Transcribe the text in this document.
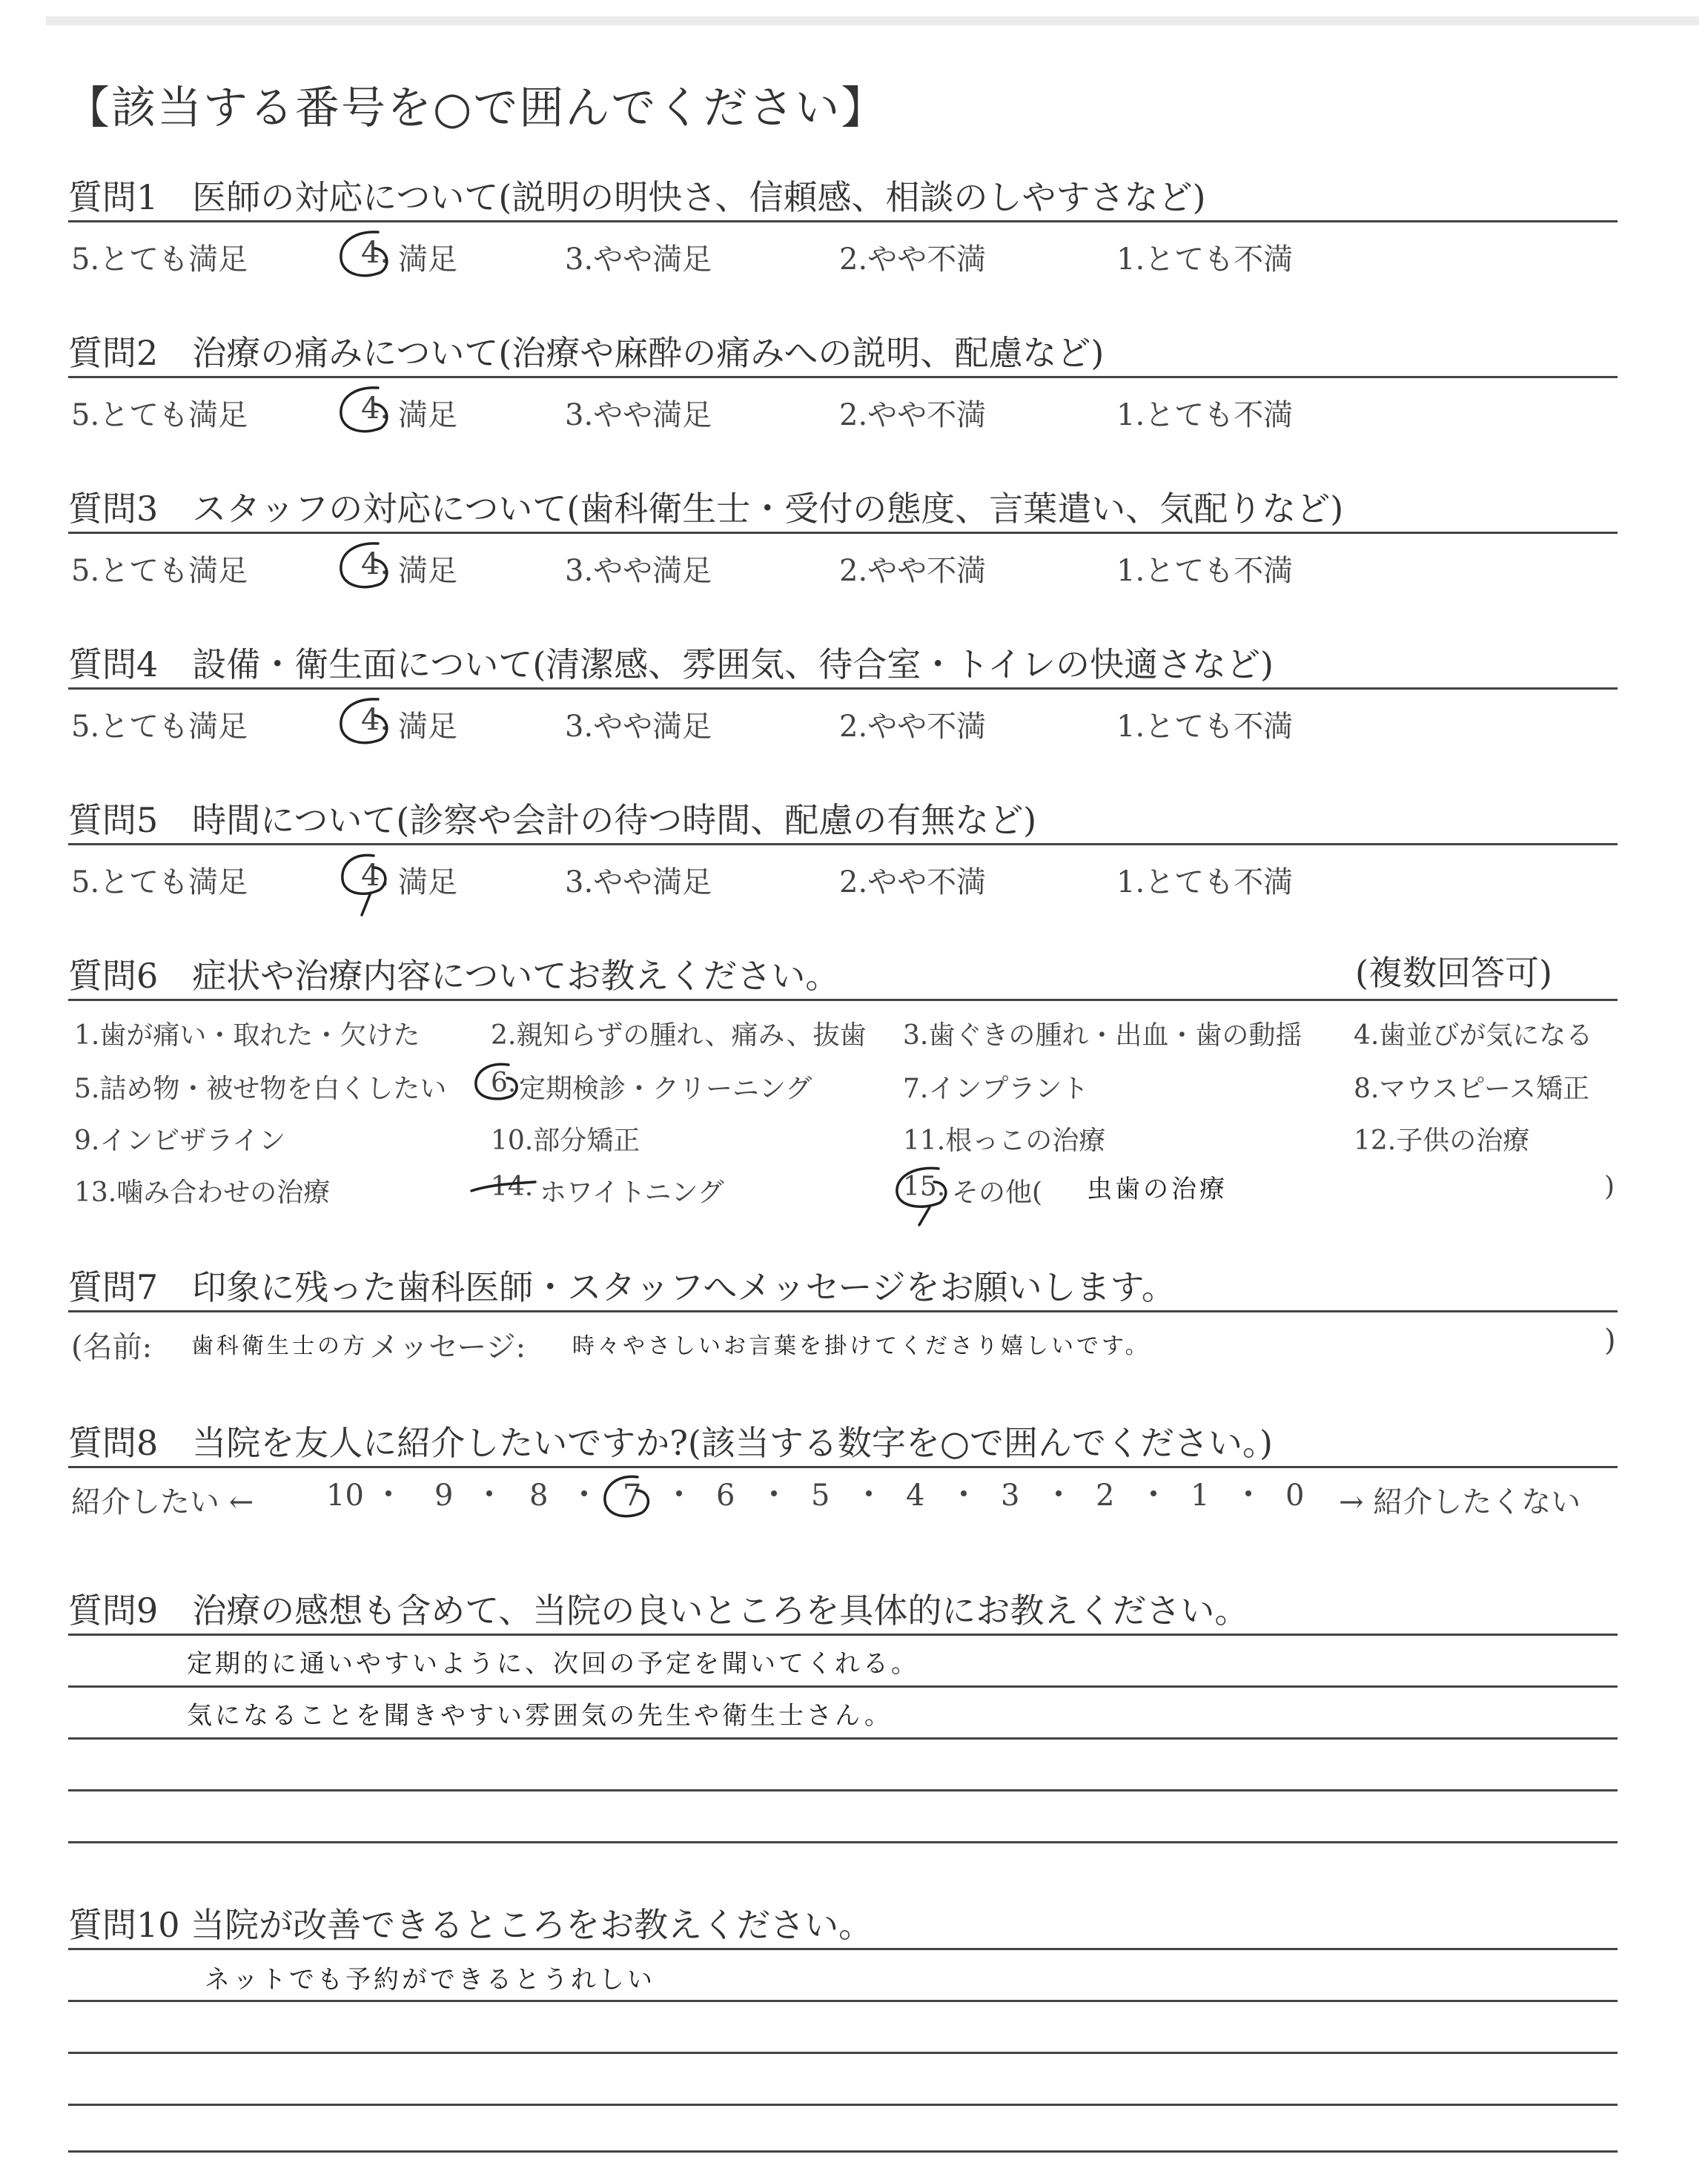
【該当する番号を○で囲んでください】
質問1　医師の対応について(説明の明快さ、信頼感、相談のしやすさなど)
5.とても満足	4. 満足	3.やや満足	2.やや不満	1.とても不満
質問2　治療の痛みについて(治療や麻酔の痛みへの説明、配慮など)
5.とても満足	4. 満足	3.やや満足	2.やや不満	1.とても不満
質問3　スタッフの対応について(歯科衛生士・受付の態度、言葉遣い、気配りなど)
5.とても満足	4. 満足	3.やや満足	2.やや不満	1.とても不満
質問4　設備・衛生面について(清潔感、雰囲気、待合室・トイレの快適さなど)
5.とても満足	4. 満足	3.やや満足	2.やや不満	1.とても不満
質問5　時間について(診察や会計の待つ時間、配慮の有無など)
5.とても満足	4. 満足	3.やや満足	2.やや不満	1.とても不満
質問6　症状や治療内容についてお教えください。	(複数回答可)
1.歯が痛い・取れた・欠けた	2.親知らずの腫れ、痛み、抜歯 3.歯ぐきの腫れ・出血・歯の動揺 4.歯並びが気になる
5.詰め物・被せ物を白くしたい 6. 定期検診・クリーニング	7.インプラント	8.マウスピース矯正
9.インビザライン	10.部分矯正	11.根っこの治療	12.子供の治療
13.噛み合わせの治療	14. ホワイトニング	15. その他( 虫歯の治療	)
質問7　印象に残った歯科医師・スタッフへメッセージをお願いします。
(名前: 歯科衛生士の方 メッセージ: 時々やさしいお言葉を掛けてくださり嬉しいです。	)
質問8　当院を友人に紹介したいですか?(該当する数字を○で囲んでください。)
紹介したい ← 10 9	8	7	6	5	4	3	2	1	0 → 紹介したくない
質問9　治療の感想も含めて、当院の良いところを具体的にお教えください。
定期的に通いやすいように、次回の予定を聞いてくれる。
気になることを聞きやすい雰囲気の先生や衛生士さん。
質問10 当院が改善できるところをお教えください。
ネットでも予約ができるとうれしい
